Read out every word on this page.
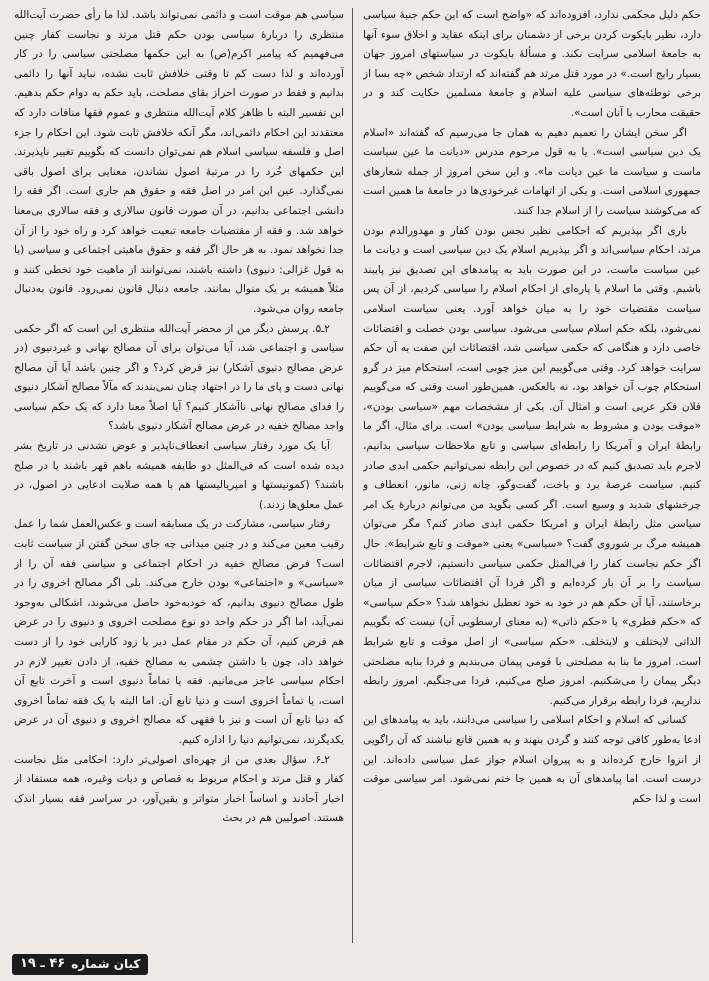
حکم دلیل محکمی ندارد، افزوده‌اند که «واضح است که این حکم جنبهٔ سیاسی دارد، نظیر بایکوت کردن برخی از دشمنان برای اینکه عقاید و اخلاق سوء آنها به جامعهٔ اسلامی سرایت نکند. و مسألهٔ بایکوت در سیاستهای امروز جهان بسیار رایج است.» در مورد قتل مرتد هم گفته‌اند که ارتداد شخص «چه بسا از برخی توطئه‌های سیاسی علیه اسلام و جامعهٔ مسلمین حکایت کند و در حقیقت محارب با آنان است».

اگر سخن ایشان را تعمیم دهیم به همان جا می‌رسیم که گفته‌اند «اسلام یک دین سیاسی است». یا به قول مرحوم مدرس «دیانت ما عین سیاست ماست و سیاست ما عین دیانت ما». و این سخن امروز از جمله شعارهای جمهوری اسلامی است. و یکی از اتهامات غیرخودی‌ها در جامعهٔ ما همین است که می‌کوشند سیاست را از اسلام جدا کنند.

باری اگر بپذیریم که احکامی نظیر نجس بودن کفار و مهدورالدم بودن مرتد، احکام سیاسی‌اند و اگر بپذیریم اسلام یک دین سیاسی است و دیانت ما عین سیاست ماست، در این صورت باید به پیامدهای این تصدیق نیز پایبند باشیم. وقتی ما اسلام یا پاره‌ای از احکام اسلام را سیاسی کردیم، از آن پس سیاست مقتضیات خود را به میان خواهد آورد. یعنی سیاست اسلامی نمی‌شود، بلکه حکم اسلام سیاسی می‌شود. سیاسی بودن خصلت و اقتضائات خاصی دارد و هنگامی که حکمی سیاسی شد، اقتضائات این صفت به آن حکم سرایت خواهد کرد. وقتی می‌گوییم این میز چوبی است، استحکام میز در گرو استحکام چوب آن خواهد بود، نه بالعکس. همین‌طور است وقتی که می‌گوییم فلان فکر عربی است و امثال آن. یکی از مشخصات مهم «سیاسی بودن»، «موقت بودن و مشروط به شرایط سیاسی بودن» است. برای مثال، اگر ما رابطهٔ ایران و آمریکا را رابطه‌ای سیاسی و تابع ملاحظات سیاسی بدانیم، لاجرم باید تصدیق کنیم که در خصوص این رابطه نمی‌توانیم حکمی ابدی صادر کنیم. سیاست عرصهٔ برد و باخت، گفت‌وگو، چانه زنی، مانور، انعطاف و چرخشهای شدید و وسیع است. اگر کسی بگوید من می‌توانم دربارهٔ یک امر سیاسی مثل رابطهٔ ایران و امریکا حکمی ابدی صادر کنم؟ مگر می‌توان همیشه مرگ بر شوروی گفت؟ «سیاسی» یعنی «موقت و تابع شرایط». حال اگر حکم نجاست کفار را فی‌المثل حکمی سیاسی دانستیم، لاجرم اقتضائات سیاست را بر آن بار کرده‌ایم و اگر فردا آن اقتضائات سیاسی از میان برخاستند، آیا آن حکم هم در خود به خود تعطیل نخواهد شد؟ «حکم سیاسی» که «حکم فطری» یا «حکم ذاتی» (به معنای ارسطویی آن) نیست که بگوییم الذاتی لایختلف و لایتخلف. «حکم سیاسی» از اصل موقت و تابع شرایط است. امروز ما بنا به مصلحتی با قومی پیمان می‌بندیم و فردا بنابه مصلحتی دیگر پیمان را می‌شکنیم. امروز صلح می‌کنیم، فردا می‌جنگیم. امروز رابطه نداریم، فردا رابطه برقرار می‌کنیم.

کسانی که اسلام و احکام اسلامی را سیاسی می‌دانند، باید به پیامدهای این ادعا به‌طور کافی توجه کنند و گردن بنهند و به همین قانع نباشند که آن راگویی از انزوا خارج کرده‌اند و به پیروان اسلام جواز عمل سیاسی داده‌اند. این درست است. اما پیامدهای آن به همین جا ختم نمی‌شود. امر سیاسی موقت است و لذا حکم

سیاسی هم موقت است و دائمی نمی‌تواند باشد. لذا ما رأی حضرت آیت‌الله منتظری را دربارهٔ سیاسی بودن حکم قتل مرتد و نجاست کفار چنین می‌فهمیم که پیامبر اکرم(ص) به این حکمها مصلحتی سیاسی را در کار آورده‌اند و لذا دست کم تا وقتی خلافش ثابت نشده، نباید آنها را دائمی بدانیم و فقط در صورت احراز بقای مصلحت، باید حکم به دوام حکم بدهیم. این تفسیر البته با ظاهر کلام آیت‌الله منتظری و عموم فقها منافات دارد که معتقدند این احکام دائمی‌اند، مگر آنکه خلافش ثابت شود. این احکام را جزء اصل و فلسفه سیاسی اسلام هم نمی‌توان دانست که بگوییم تغییر ناپذیرند. این حکمهای خُرد را در مرتبهٔ اصول نشاندن، معنایی برای اصول باقی نمی‌گذارد. عین این امر در اصل فقه و حقوق هم جاری است. اگر فقه را دانشی اجتماعی بدانیم، در آن صورت قانون سالاری و فقه سالاری بی‌معنا خواهد شد. و فقه از مقتضیات جامعه تبعیت خواهد کرد و راه خود را از آن جدا نخواهد نمود. به هر حال اگر فقه و حقوق ماهیتی اجتماعی و سیاسی (یا به قول غزالی: دنیوی) داشته باشند، نمی‌توانند از ماهیت خود تخطی کنند و مثلاً همیشه بر یک منوال بمانند. جامعه دنبال قانون نمی‌رود. قانون به‌دنبال جامعه روان می‌شود.

۲ـ۵. پرسش دیگر من از محضر آیت‌الله منتظری این است که اگر حکمی سیاسی و اجتماعی شد، آیا می‌توان برای آن مصالح نهانی و غیردنیوی (در عرض مصالح دنیوی آشکار) نیز فرض کرد؟ و اگر چنین باشد آیا آن مصالح نهانی دست و پای ما را در اجتهاد چنان نمی‌بندند که مآلاً مصالح آشکار دنیوی را فدای مصالح نهانی ناآشکار کنیم؟ آیا اصلاً معنا دارد که یک حکم سیاسی واجد مصالح خفیه در عرض مصالح آشکار دنیوی باشد؟

آیا یک مورد رفتار سیاسی انعطاف‌ناپذیر و عوض نشدنی در تاریخ بشر دیده شده است که فی‌المثل دو طایفه همیشه باهم قهر باشند یا در صلح باشند؟ (کمونیستها و امپریالیستها هم با همه صلابت ادعایی در اصول، در عمل معلق‌ها زدند.)

رفتار سیاسی، مشارکت در یک مسابقه است و عکس‌العمل شما را عمل رقیب معین می‌کند و در چنین میدانی چه جای سخن گفتن از سیاست ثابت است؟ فرض مصالح خفیه در احکام اجتماعی و سیاسی فقه آن را از «سیاسی» و «اجتماعی» بودن خارج می‌کند. بلی اگر مصالح اخروی را در طول مصالح دنیوی بدانیم، که خودبه‌خود حاصل می‌شوند، اشکالی به‌وجود نمی‌آید، اما اگر در حکم واحد دو نوع مصلحت اخروی و دنیوی را در عرض هم فرض کنیم، آن حکم در مقام عمل دیر یا زود کارایی خود را از دست خواهد داد، چون با داشتن چشمی به مصالح خفیه، از دادن تغییر لازم در احکام سیاسی عاجز می‌مانیم. فقه یا تماماً دنیوی است و آخرت تابع آن است، یا تماماً اخروی است و دنیا تابع آن. اما البته با یک فقه تماماً اخروی که دنیا تابع آن است و نیز با فقهی که مصالح اخروی و دنیوی آن در عرض یکدیگرند، نمی‌توانیم دنیا را اداره کنیم.

۲ـ۶. سؤال بعدی من از چهره‌ای اصولی‌تر دارد: احکامی مثل نجاست کفار و قتل مرتد و احکام مربوط به قصاص و دیات وغیره، همه مستفاد از اخبار آحادند و اساساً اخبار متواتر و یقین‌آور، در سراسر فقه بسیار اندک هستند. اصولیین هم در بحث

کیان شماره
۴۶ ـ ۱۹
